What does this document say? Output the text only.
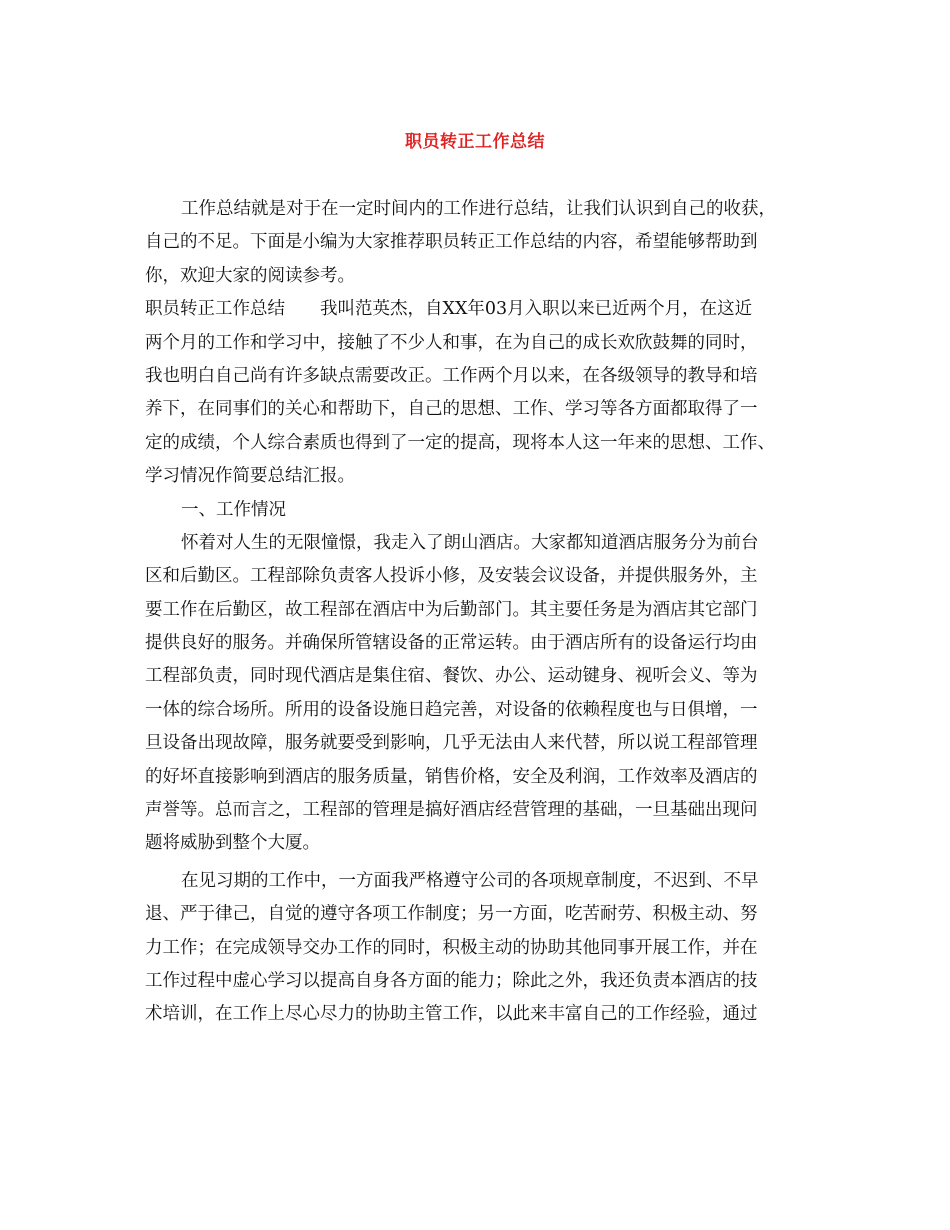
职员转正工作总结
工作总结就是对于在一定时间内的工作进行总结，让我们认识到自己的收获，
自己的不足。下面是小编为大家推荐职员转正工作总结的内容，希望能够帮助到
你，欢迎大家的阅读参考。
职员转正工作总结　　我叫范英杰，自XX年03月入职以来已近两个月，在这近
两个月的工作和学习中，接触了不少人和事，在为自己的成长欢欣鼓舞的同时，
我也明白自己尚有许多缺点需要改正。工作两个月以来，在各级领导的教导和培
养下，在同事们的关心和帮助下，自己的思想、工作、学习等各方面都取得了一
定的成绩，个人综合素质也得到了一定的提高，现将本人这一年来的思想、工作、
学习情况作简要总结汇报。
一、工作情况
怀着对人生的无限憧憬，我走入了朗山酒店。大家都知道酒店服务分为前台
区和后勤区。工程部除负责客人投诉小修，及安装会议设备，并提供服务外，主
要工作在后勤区，故工程部在酒店中为后勤部门。其主要任务是为酒店其它部门
提供良好的服务。并确保所管辖设备的正常运转。由于酒店所有的设备运行均由
工程部负责，同时现代酒店是集住宿、餐饮、办公、运动键身、视听会义、等为
一体的综合场所。所用的设备设施日趋完善，对设备的依赖程度也与日俱增，一
旦设备出现故障，服务就要受到影响，几乎无法由人来代替，所以说工程部管理
的好坏直接影响到酒店的服务质量，销售价格，安全及利润，工作效率及酒店的
声誉等。总而言之，工程部的管理是搞好酒店经营管理的基础，一旦基础出现问
题将威胁到整个大厦。
在见习期的工作中，一方面我严格遵守公司的各项规章制度，不迟到、不早
退、严于律己，自觉的遵守各项工作制度；另一方面，吃苦耐劳、积极主动、努
力工作；在完成领导交办工作的同时，积极主动的协助其他同事开展工作，并在
工作过程中虚心学习以提高自身各方面的能力；除此之外，我还负责本酒店的技
术培训，在工作上尽心尽力的协助主管工作，以此来丰富自己的工作经验，通过
